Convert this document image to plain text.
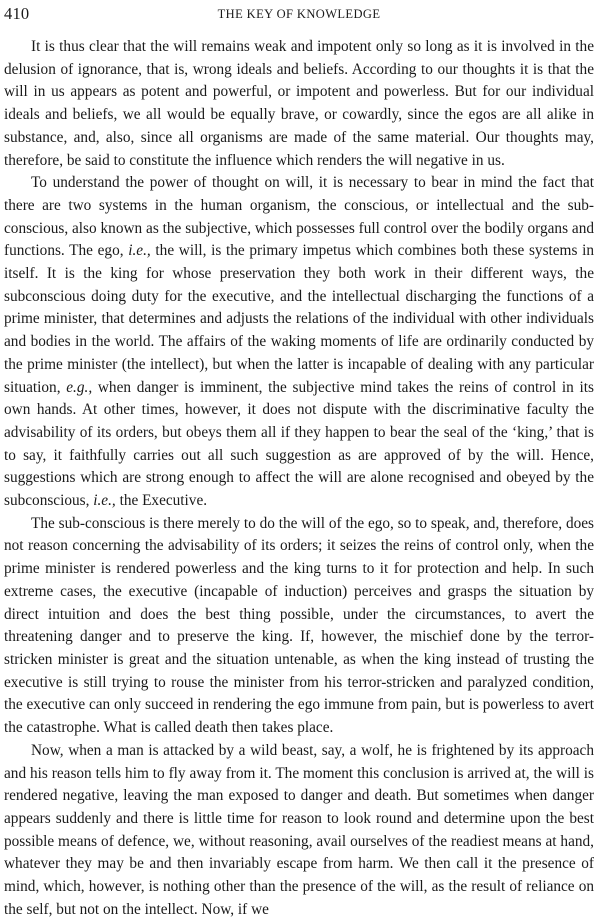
410	THE KEY OF KNOWLEDGE

It is thus clear that the will remains weak and impotent only so long as it is involved in the delusion of ignorance, that is, wrong ideals and beliefs. According to our thoughts it is that the will in us appears as potent and powerful, or impotent and powerless. But for our individual ideals and beliefs, we all would be equally brave, or cowardly, since the egos are all alike in substance, and, also, since all organisms are made of the same material. Our thoughts may, therefore, be said to constitute the influence which renders the will negative in us.

To understand the power of thought on will, it is necessary to bear in mind the fact that there are two systems in the human organism, the conscious, or intellectual and the sub-conscious, also known as the subjective, which possesses full control over the bodily organs and functions. The ego, i.e., the will, is the primary impetus which combines both these systems in itself. It is the king for whose preservation they both work in their different ways, the subconscious doing duty for the executive, and the intellectual discharging the functions of a prime minister, that determines and adjusts the relations of the individual with other individuals and bodies in the world. The affairs of the waking moments of life are ordinarily conducted by the prime minister (the intellect), but when the latter is incapable of dealing with any particular situation, e.g., when danger is imminent, the subjective mind takes the reins of control in its own hands. At other times, however, it does not dispute with the discriminative faculty the advisability of its orders, but obeys them all if they happen to bear the seal of the ‘king,’ that is to say, it faithfully carries out all such suggestion as are approved of by the will. Hence, suggestions which are strong enough to affect the will are alone recognised and obeyed by the subconscious, i.e., the Executive.

The sub-conscious is there merely to do the will of the ego, so to speak, and, therefore, does not reason concerning the advisability of its orders; it seizes the reins of control only, when the prime minister is rendered powerless and the king turns to it for protection and help. In such extreme cases, the executive (incapable of induction) perceives and grasps the situation by direct intuition and does the best thing possible, under the circumstances, to avert the threatening danger and to preserve the king. If, however, the mischief done by the terror-stricken minister is great and the situation untenable, as when the king instead of trusting the executive is still trying to rouse the minister from his terror-stricken and paralyzed condition, the executive can only succeed in rendering the ego immune from pain, but is powerless to avert the catastrophe. What is called death then takes place.

Now, when a man is attacked by a wild beast, say, a wolf, he is frightened by its approach and his reason tells him to fly away from it. The moment this conclusion is arrived at, the will is rendered negative, leaving the man exposed to danger and death. But sometimes when danger appears suddenly and there is little time for reason to look round and determine upon the best possible means of defence, we, without reasoning, avail ourselves of the readiest means at hand, whatever they may be and then invariably escape from harm. We then call it the presence of mind, which, however, is nothing other than the presence of the will, as the result of reliance on the self, but not on the intellect. Now, if we
